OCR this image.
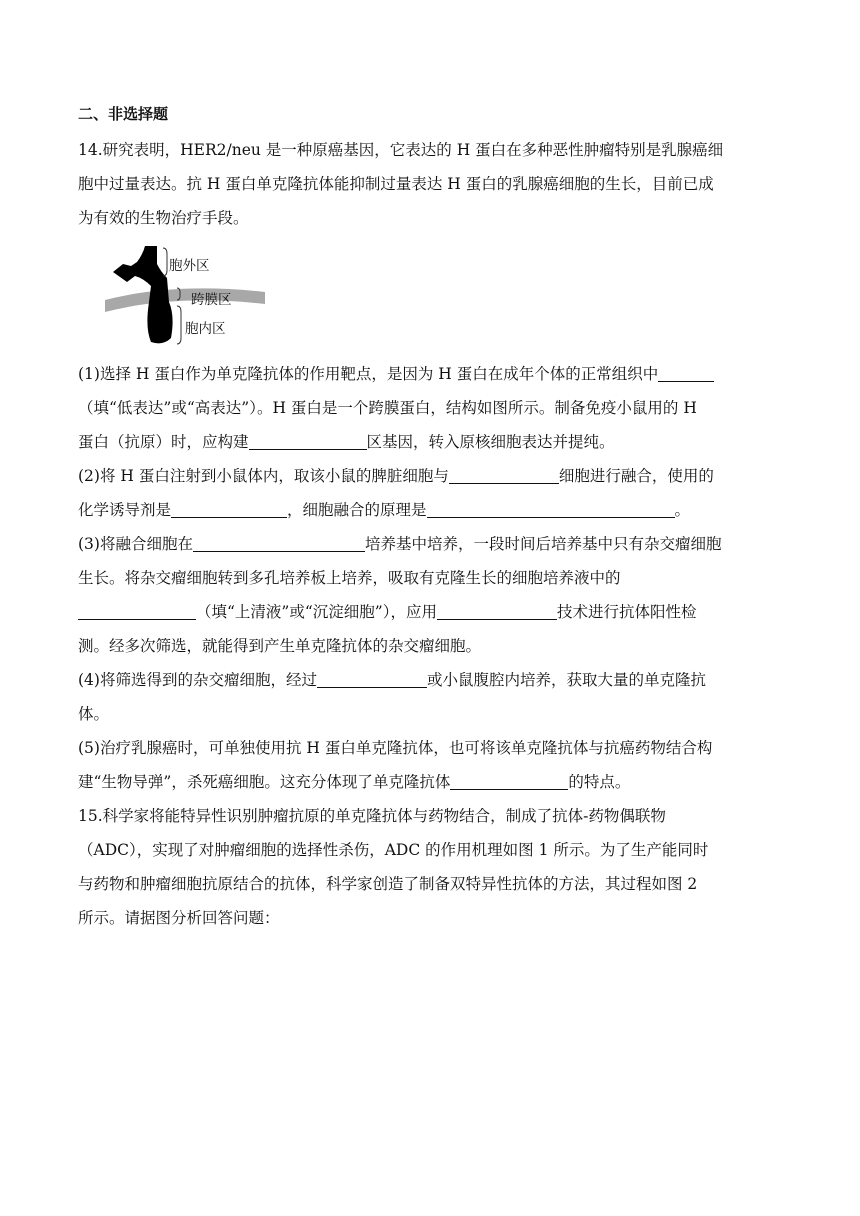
二、非选择题
14.研究表明，HER2/neu 是一种原癌基因，它表达的 H 蛋白在多种恶性肿瘤特别是乳腺癌细
胞中过量表达。抗 H 蛋白单克隆抗体能抑制过量表达 H 蛋白的乳腺癌细胞的生长，目前已成
为有效的生物治疗手段。
胞外区
跨膜区
胞内区
(1)选择 H 蛋白作为单克隆抗体的作用靶点，是因为 H 蛋白在成年个体的正常组织中
（填“低表达”或“高表达”）。H 蛋白是一个跨膜蛋白，结构如图所示。制备免疫小鼠用的 H
蛋白（抗原）时，应构建	区基因，转入原核细胞表达并提纯。
(2)将 H 蛋白注射到小鼠体内，取该小鼠的脾脏细胞与	细胞进行融合，使用的
化学诱导剂是	，细胞融合的原理是	。
(3)将融合细胞在	培养基中培养，一段时间后培养基中只有杂交瘤细胞
生长。将杂交瘤细胞转到多孔培养板上培养，吸取有克隆生长的细胞培养液中的
（填“上清液”或“沉淀细胞”），应用	技术进行抗体阳性检
测。经多次筛选，就能得到产生单克隆抗体的杂交瘤细胞。
(4)将筛选得到的杂交瘤细胞，经过	或小鼠腹腔内培养，获取大量的单克隆抗
体。
(5)治疗乳腺癌时，可单独使用抗 H 蛋白单克隆抗体，也可将该单克隆抗体与抗癌药物结合构
建“生物导弹”，杀死癌细胞。这充分体现了单克隆抗体	的特点。
15.科学家将能特异性识别肿瘤抗原的单克隆抗体与药物结合，制成了抗体-药物偶联物
（ADC），实现了对肿瘤细胞的选择性杀伤，ADC 的作用机理如图 1 所示。为了生产能同时
与药物和肿瘤细胞抗原结合的抗体，科学家创造了制备双特异性抗体的方法，其过程如图 2
所示。请据图分析回答问题：
